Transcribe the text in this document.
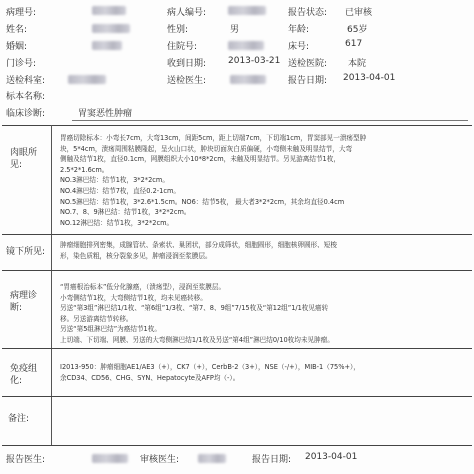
病理号:	病人编号:	报告状态: 已审核
姓名:	性别:	男	年龄:	65岁
婚姻:	住院号:	床号:	617
门诊号:	收到日期: 2013-03-21 送检医院: 本院
送检科室:	送检医生:	报告日期: 2013-04-01
标本名称:
临床诊断:	胃窦恶性肿瘤
肉眼所
见:
胃癌切除标本：小弯长7cm，大弯13cm，间距5cm，距上切端7cm，下切端1cm，胃窦部见一溃疡型肿
块，5*4cm，溃疡周围粘膜隆起，呈火山口状，肿块切面灰白质偏硬，小弯侧未触及明显结节，大弯
侧触及结节1枚，直径0.1cm，网膜组织大小10*8*2cm，未触及明显结节。另见游离结节1枚，
2.5*2*1.6cm。
NO.3淋巴结：结节1枚，3*2*2cm。
NO.4淋巴结：结节7枚，直径0.2-1cm。
NO.5淋巴结：结节1枚，3*2.6*1.5cm。NO6：结节5枚， 最大者3*2*2cm，其余均直径0.4cm
NO.7、8、9淋巴结：结节1枚，3*2*2cm。
NO.12淋巴结：结节1枚，3*2*2cm。
镜下所见:
肿瘤细胞排列密集，成腺管状、条索状、巢团状，部分成筛状，细胞圆形，细胞核卵圆形、短梭
形，染色质粗，核分裂象多见，肿瘤浸润至浆膜层。
病理诊
断:
“胃癌根治标本”低分化腺癌，（溃疡型），浸润至浆膜层。
小弯侧结节1枚，大弯侧结节1枚，均未见癌转移。
另送“第3组”淋巴结1/1枚、“第6组”1/3枚、“第7、8、9组”7/15枚及“第12组”1/1枚见癌转
移。另送游离结节转移。
另送“第5组淋巴结”为癌结节1枚。
上切端、下切端、网膜、另送的大弯侧淋巴结1/1枚及另送“第4组”淋巴结0/10枚均未见肿瘤。
免疫组
化:
I2013-950：肿瘤细胞AE1/AE3（+），CK7（+），CerbB-2（3+），NSE（-/+），MIB-1（75%+），
余CD34、CD56、CHG、SYN、Hepatocyte及AFP均（-）。
备注:
报告医生:	审核医生:	报告日期: 2013-04-01
